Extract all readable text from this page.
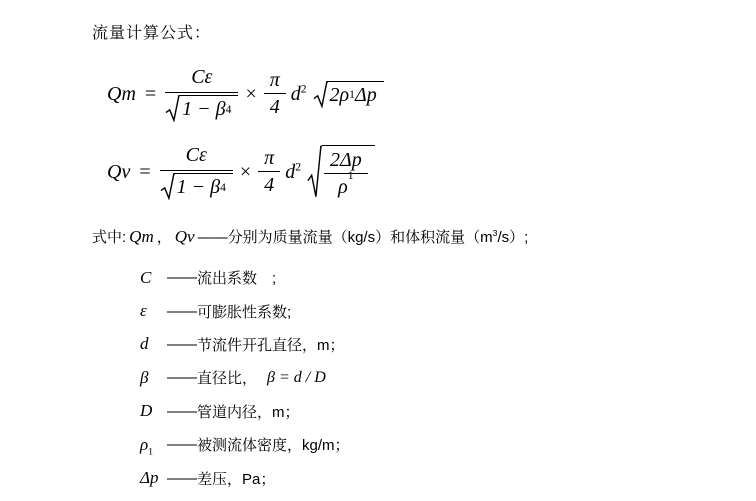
流量计算公式：
$Qm = \frac{C\varepsilon}{1 - \beta 4} \times \frac{\pi}{4} d^2$ 2ρ 1 Δp
$Qv = \frac{C\varepsilon}{1 - \beta 4} \times \frac{\pi}{4} d^2$ 2Δp
ρ
1
式中: Qm ， Qv —— 分别为质量流量（kg/s）和体积流量$(m^3/s)$;
C	—— 流出系数　;
ε	—— 可膨胀性系数;
d	—— 节流件开孔直径，m；
β	—— 直径比， β = d / D
D —— 管道内径，m；
$\rho_1$ —— 被测流体密度，kg/m；
Δp —— 差压，Pa；
